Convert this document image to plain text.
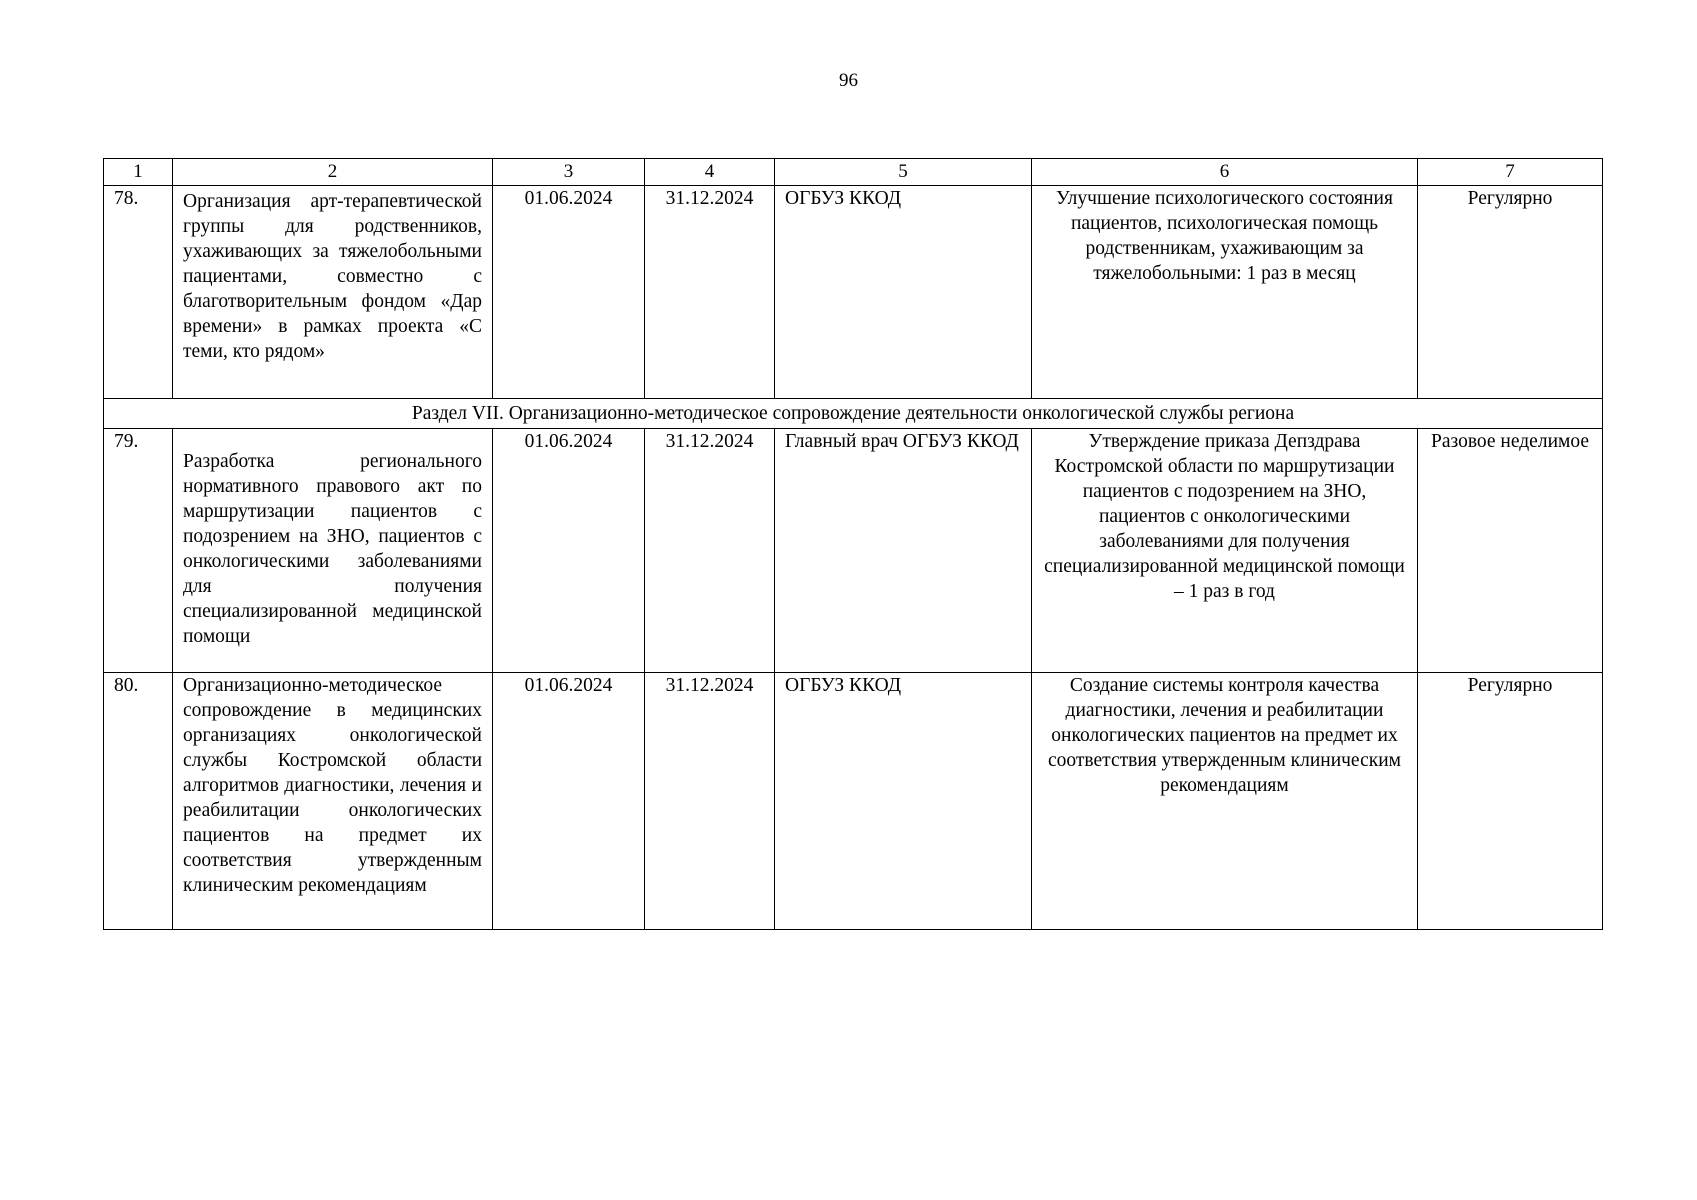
96
1	2	3	4	5	6	7
78.	Организация арт-терапевтической группы для родственников, ухаживающих за тяжелобольными пациентами, совместно с благотворительным фондом «Дар времени» в рамках проекта «С теми, кто рядом»	01.06.2024	31.12.2024	ОГБУЗ ККОД	Улучшение психологического состояния пациентов, психологическая помощь родственникам, ухаживающим за тяжелобольными: 1 раз в месяц	Регулярно
Раздел VII. Организационно-методическое сопровождение деятельности онкологической службы региона						
79.	Разработка регионального нормативного правового акт по маршрутизации пациентов с подозрением на ЗНО, пациентов с онкологическими заболеваниями для получения специализированной медицинской помощи	01.06.2024	31.12.2024	Главный врач ОГБУЗ ККОД	Утверждение приказа Депздрава Костромской области по маршрутизации пациентов с подозрением на ЗНО, пациентов с онкологическими заболеваниями для получения специализированной медицинской помощи – 1 раз в год	Разовое неделимое
80.	Организационно-методическое сопровождение в медицинских организациях онкологической службы Костромской области алгоритмов диагностики, лечения и реабилитации онкологических пациентов на предмет их соответствия утвержденным клиническим рекомендациям	01.06.2024	31.12.2024	ОГБУЗ ККОД	Создание системы контроля качества диагностики, лечения и реабилитации онкологических пациентов на предмет их соответствия утвержденным клиническим рекомендациям	Регулярно
